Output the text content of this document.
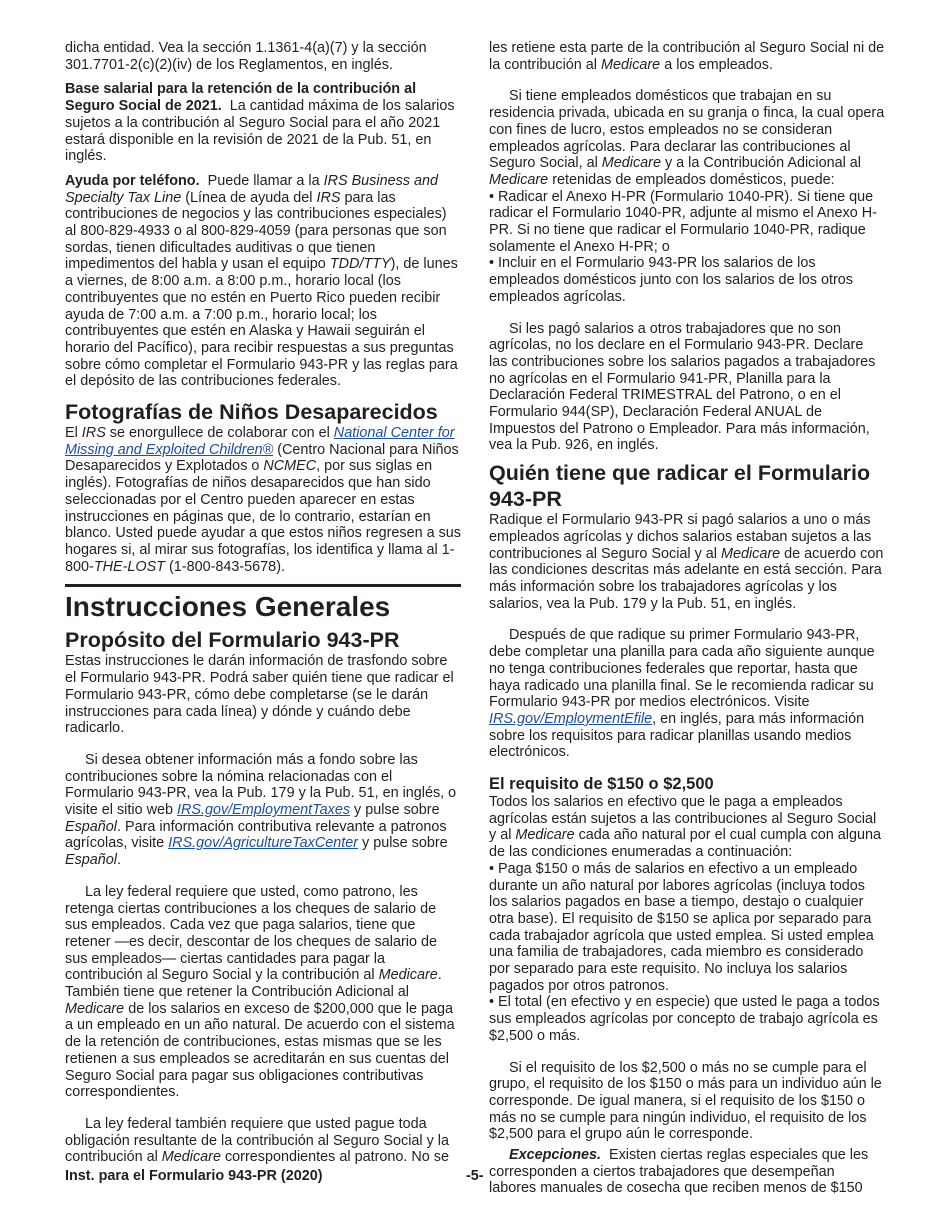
dicha entidad. Vea la sección 1.1361-4(a)(7) y la sección 301.7701-2(c)(2)(iv) de los Reglamentos, en inglés.

Base salarial para la retención de la contribución al Seguro Social de 2021. La cantidad máxima de los salarios sujetos a la contribución al Seguro Social para el año 2021 estará disponible en la revisión de 2021 de la Pub. 51, en inglés.

Ayuda por teléfono. Puede llamar a la IRS Business and Specialty Tax Line (Línea de ayuda del IRS para las contribuciones de negocios y las contribuciones especiales) al 800-829-4933 o al 800-829-4059 (para personas que son sordas, tienen dificultades auditivas o que tienen impedimentos del habla y usan el equipo TDD/TTY), de lunes a viernes, de 8:00 a.m. a 8:00 p.m., horario local (los contribuyentes que no estén en Puerto Rico pueden recibir ayuda de 7:00 a.m. a 7:00 p.m., horario local; los contribuyentes que estén en Alaska y Hawaii seguirán el horario del Pacífico), para recibir respuestas a sus preguntas sobre cómo completar el Formulario 943-PR y las reglas para el depósito de las contribuciones federales.

Fotografías de Niños Desaparecidos

El IRS se enorgullece de colaborar con el National Center for Missing and Exploited Children® (Centro Nacional para Niños Desaparecidos y Explotados o NCMEC, por sus siglas en inglés). Fotografías de niños desaparecidos que han sido seleccionadas por el Centro pueden aparecer en estas instrucciones en páginas que, de lo contrario, estarían en blanco. Usted puede ayudar a que estos niños regresen a sus hogares si, al mirar sus fotografías, los identifica y llama al 1-800-THE-LOST (1-800-843-5678).

Instrucciones Generales
Propósito del Formulario 943-PR

Estas instrucciones le darán información de trasfondo sobre el Formulario 943-PR. Podrá saber quién tiene que radicar el Formulario 943-PR, cómo debe completarse (se le darán instrucciones para cada línea) y dónde y cuándo debe radicarlo.

Si desea obtener información más a fondo sobre las contribuciones sobre la nómina relacionadas con el Formulario 943-PR, vea la Pub. 179 y la Pub. 51, en inglés, o visite el sitio web IRS.gov/EmploymentTaxes y pulse sobre Español. Para información contributiva relevante a patronos agrícolas, visite IRS.gov/AgricultureTaxCenter y pulse sobre Español.

La ley federal requiere que usted, como patrono, les retenga ciertas contribuciones a los cheques de salario de sus empleados. Cada vez que paga salarios, tiene que retener —es decir, descontar de los cheques de salario de sus empleados— ciertas cantidades para pagar la contribución al Seguro Social y la contribución al Medicare. También tiene que retener la Contribución Adicional al Medicare de los salarios en exceso de $200,000 que le paga a un empleado en un año natural. De acuerdo con el sistema de la retención de contribuciones, estas mismas que se les retienen a sus empleados se acreditarán en sus cuentas del Seguro Social para pagar sus obligaciones contributivas correspondientes.

La ley federal también requiere que usted pague toda obligación resultante de la contribución al Seguro Social y la contribución al Medicare correspondientes al patrono. No se

les retiene esta parte de la contribución al Seguro Social ni de la contribución al Medicare a los empleados.

Si tiene empleados domésticos que trabajan en su residencia privada, ubicada en su granja o finca, la cual opera con fines de lucro, estos empleados no se consideran empleados agrícolas. Para declarar las contribuciones al Seguro Social, al Medicare y a la Contribución Adicional al Medicare retenidas de empleados domésticos, puede:

• Radicar el Anexo H-PR (Formulario 1040-PR). Si tiene que radicar el Formulario 1040-PR, adjunte al mismo el Anexo H-PR. Si no tiene que radicar el Formulario 1040-PR, radique solamente el Anexo H-PR; o

• Incluir en el Formulario 943-PR los salarios de los empleados domésticos junto con los salarios de los otros empleados agrícolas.

Si les pagó salarios a otros trabajadores que no son agrícolas, no los declare en el Formulario 943-PR. Declare las contribuciones sobre los salarios pagados a trabajadores no agrícolas en el Formulario 941-PR, Planilla para la Declaración Federal TRIMESTRAL del Patrono, o en el Formulario 944(SP), Declaración Federal ANUAL de Impuestos del Patrono o Empleador. Para más información, vea la Pub. 926, en inglés.

Quién tiene que radicar el Formulario 943-PR

Radique el Formulario 943-PR si pagó salarios a uno o más empleados agrícolas y dichos salarios estaban sujetos a las contribuciones al Seguro Social y al Medicare de acuerdo con las condiciones descritas más adelante en está sección. Para más información sobre los trabajadores agrícolas y los salarios, vea la Pub. 179 y la Pub. 51, en inglés.

Después de que radique su primer Formulario 943-PR, debe completar una planilla para cada año siguiente aunque no tenga contribuciones federales que reportar, hasta que haya radicado una planilla final. Se le recomienda radicar su Formulario 943-PR por medios electrónicos. Visite IRS.gov/EmploymentEfile, en inglés, para más información sobre los requisitos para radicar planillas usando medios electrónicos.

El requisito de $150 o $2,500

Todos los salarios en efectivo que le paga a empleados agrícolas están sujetos a las contribuciones al Seguro Social y al Medicare cada año natural por el cual cumpla con alguna de las condiciones enumeradas a continuación:

• Paga $150 o más de salarios en efectivo a un empleado durante un año natural por labores agrícolas (incluya todos los salarios pagados en base a tiempo, destajo o cualquier otra base). El requisito de $150 se aplica por separado para cada trabajador agrícola que usted emplea. Si usted emplea una familia de trabajadores, cada miembro es considerado por separado para este requisito. No incluya los salarios pagados por otros patronos.

• El total (en efectivo y en especie) que usted le paga a todos sus empleados agrícolas por concepto de trabajo agrícola es $2,500 o más.

Si el requisito de los $2,500 o más no se cumple para el grupo, el requisito de los $150 o más para un individuo aún le corresponde. De igual manera, si el requisito de los $150 o más no se cumple para ningún individuo, el requisito de los $2,500 para el grupo aún le corresponde.

Excepciones. Existen ciertas reglas especiales que les corresponden a ciertos trabajadores que desempeñan labores manuales de cosecha que reciben menos de $150

Inst. para el Formulario 943-PR (2020)	-5-
